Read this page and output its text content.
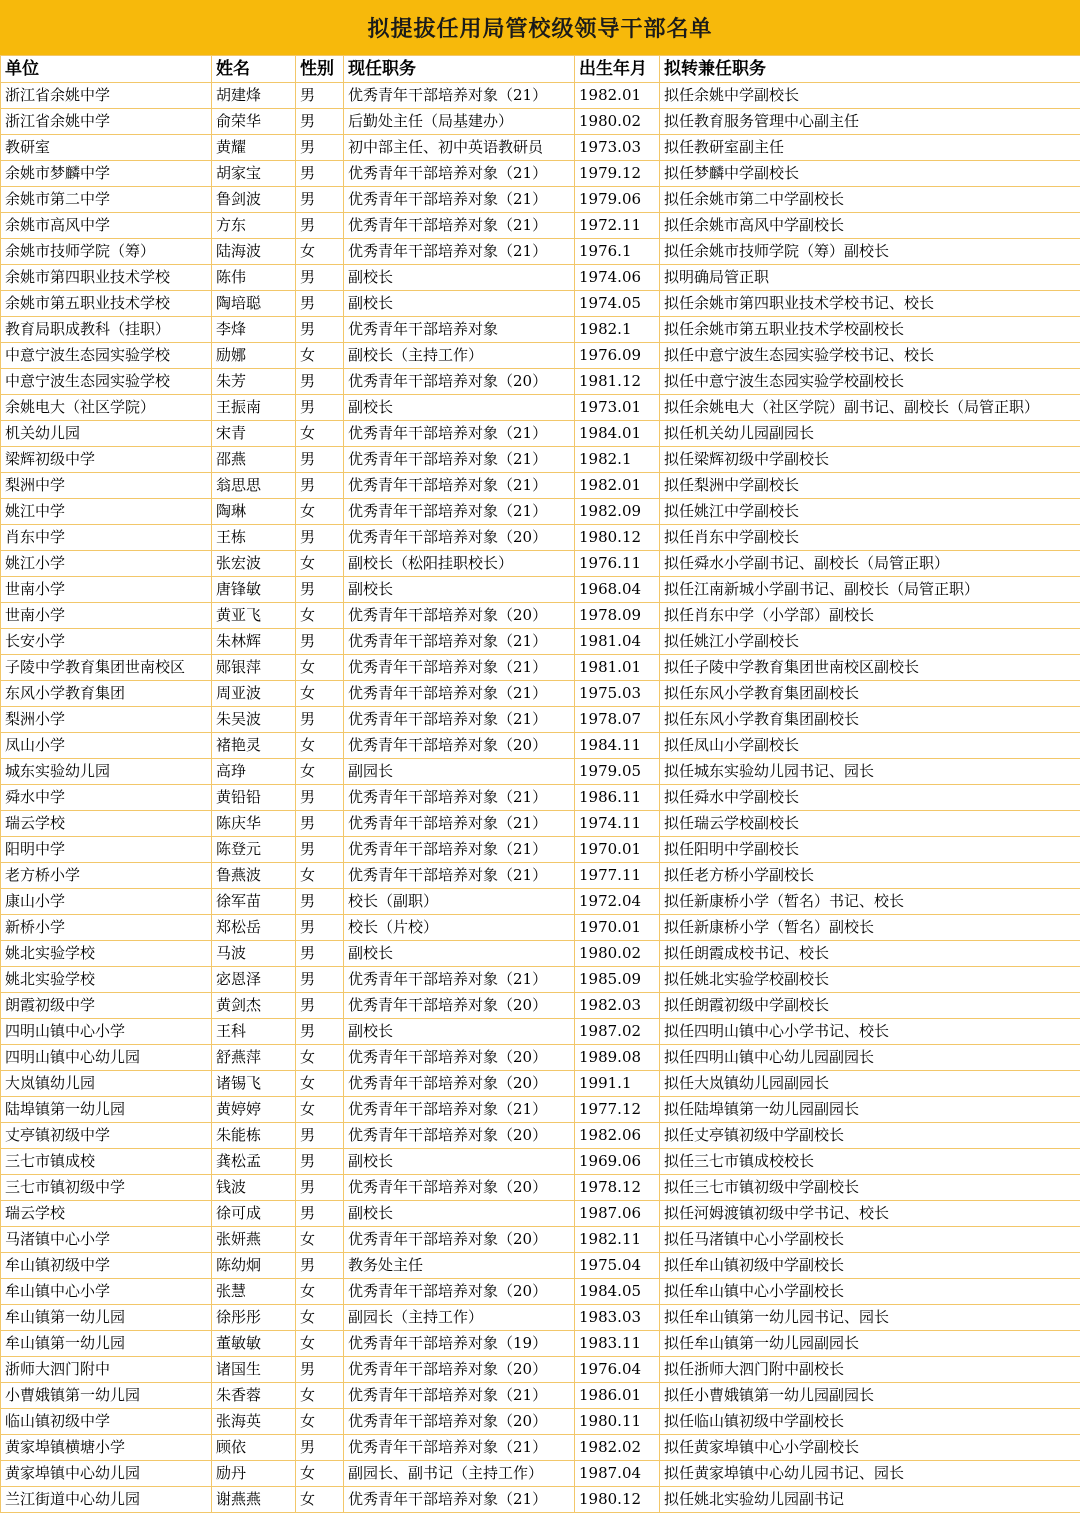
拟提拔任用局管校级领导干部名单
单位	姓名	性别	现任职务	出生年月	拟转兼任职务
浙江省余姚中学	胡建烽	男	优秀青年干部培养对象（21）	1982.01	拟任余姚中学副校长
浙江省余姚中学	俞荣华	男	后勤处主任（局基建办）	1980.02	拟任教育服务管理中心副主任
教研室	黄耀	男	初中部主任、初中英语教研员	1973.03	拟任教研室副主任
余姚市梦麟中学	胡家宝	男	优秀青年干部培养对象（21）	1979.12	拟任梦麟中学副校长
余姚市第二中学	鲁剑波	男	优秀青年干部培养对象（21）	1979.06	拟任余姚市第二中学副校长
余姚市高风中学	方东	男	优秀青年干部培养对象（21）	1972.11	拟任余姚市高风中学副校长
余姚市技师学院（筹）	陆海波	女	优秀青年干部培养对象（21）	1976.1	拟任余姚市技师学院（筹）副校长
余姚市第四职业技术学校	陈伟	男	副校长	1974.06	拟明确局管正职
余姚市第五职业技术学校	陶培聪	男	副校长	1974.05	拟任余姚市第四职业技术学校书记、校长
教育局职成教科（挂职）	李烽	男	优秀青年干部培养对象	1982.1	拟任余姚市第五职业技术学校副校长
中意宁波生态园实验学校	励娜	女	副校长（主持工作）	1976.09	拟任中意宁波生态园实验学校书记、校长
中意宁波生态园实验学校	朱芳	男	优秀青年干部培养对象（20）	1981.12	拟任中意宁波生态园实验学校副校长
余姚电大（社区学院）	王振南	男	副校长	1973.01	拟任余姚电大（社区学院）副书记、副校长（局管正职）
机关幼儿园	宋青	女	优秀青年干部培养对象（21）	1984.01	拟任机关幼儿园副园长
梁辉初级中学	邵燕	男	优秀青年干部培养对象（21）	1982.1	拟任梁辉初级中学副校长
梨洲中学	翁思思	男	优秀青年干部培养对象（21）	1982.01	拟任梨洲中学副校长
姚江中学	陶琳	女	优秀青年干部培养对象（21）	1982.09	拟任姚江中学副校长
肖东中学	王栋	男	优秀青年干部培养对象（20）	1980.12	拟任肖东中学副校长
姚江小学	张宏波	女	副校长（松阳挂职校长）	1976.11	拟任舜水小学副书记、副校长（局管正职）
世南小学	唐锋敏	男	副校长	1968.04	拟任江南新城小学副书记、副校长（局管正职）
世南小学	黄亚飞	女	优秀青年干部培养对象（20）	1978.09	拟任肖东中学（小学部）副校长
长安小学	朱林辉	男	优秀青年干部培养对象（21）	1981.04	拟任姚江小学副校长
子陵中学教育集团世南校区	郧银萍	女	优秀青年干部培养对象（21）	1981.01	拟任子陵中学教育集团世南校区副校长
东风小学教育集团	周亚波	女	优秀青年干部培养对象（21）	1975.03	拟任东风小学教育集团副校长
梨洲小学	朱吴波	男	优秀青年干部培养对象（21）	1978.07	拟任东风小学教育集团副校长
凤山小学	褚艳灵	女	优秀青年干部培养对象（20）	1984.11	拟任凤山小学副校长
城东实验幼儿园	高琤	女	副园长	1979.05	拟任城东实验幼儿园书记、园长
舜水中学	黄铅铅	男	优秀青年干部培养对象（21）	1986.11	拟任舜水中学副校长
瑞云学校	陈庆华	男	优秀青年干部培养对象（21）	1974.11	拟任瑞云学校副校长
阳明中学	陈登元	男	优秀青年干部培养对象（21）	1970.01	拟任阳明中学副校长
老方桥小学	鲁燕波	女	优秀青年干部培养对象（21）	1977.11	拟任老方桥小学副校长
康山小学	徐军苗	男	校长（副职）	1972.04	拟任新康桥小学（暂名）书记、校长
新桥小学	郑松岳	男	校长（片校）	1970.01	拟任新康桥小学（暂名）副校长
姚北实验学校	马波	男	副校长	1980.02	拟任朗霞成校书记、校长
姚北实验学校	宓恩泽	男	优秀青年干部培养对象（21）	1985.09	拟任姚北实验学校副校长
朗霞初级中学	黄剑杰	男	优秀青年干部培养对象（20）	1982.03	拟任朗霞初级中学副校长
四明山镇中心小学	王科	男	副校长	1987.02	拟任四明山镇中心小学书记、校长
四明山镇中心幼儿园	舒燕萍	女	优秀青年干部培养对象（20）	1989.08	拟任四明山镇中心幼儿园副园长
大岚镇幼儿园	诸锡飞	女	优秀青年干部培养对象（20）	1991.1	拟任大岚镇幼儿园副园长
陆埠镇第一幼儿园	黄婷婷	女	优秀青年干部培养对象（21）	1977.12	拟任陆埠镇第一幼儿园副园长
丈亭镇初级中学	朱能栋	男	优秀青年干部培养对象（20）	1982.06	拟任丈亭镇初级中学副校长
三七市镇成校	龚松孟	男	副校长	1969.06	拟任三七市镇成校校长
三七市镇初级中学	钱波	男	优秀青年干部培养对象（20）	1978.12	拟任三七市镇初级中学副校长
瑞云学校	徐可成	男	副校长	1987.06	拟任河姆渡镇初级中学书记、校长
马渚镇中心小学	张妍燕	女	优秀青年干部培养对象（20）	1982.11	拟任马渚镇中心小学副校长
牟山镇初级中学	陈幼炯	男	教务处主任	1975.04	拟任牟山镇初级中学副校长
牟山镇中心小学	张慧	女	优秀青年干部培养对象（20）	1984.05	拟任牟山镇中心小学副校长
牟山镇第一幼儿园	徐彤彤	女	副园长（主持工作）	1983.03	拟任牟山镇第一幼儿园书记、园长
牟山镇第一幼儿园	董敏敏	女	优秀青年干部培养对象（19）	1983.11	拟任牟山镇第一幼儿园副园长
浙师大泗门附中	诸国生	男	优秀青年干部培养对象（20）	1976.04	拟任浙师大泗门附中副校长
小曹娥镇第一幼儿园	朱香蓉	女	优秀青年干部培养对象（21）	1986.01	拟任小曹娥镇第一幼儿园副园长
临山镇初级中学	张海英	女	优秀青年干部培养对象（20）	1980.11	拟任临山镇初级中学副校长
黄家埠镇横塘小学	顾依	男	优秀青年干部培养对象（21）	1982.02	拟任黄家埠镇中心小学副校长
黄家埠镇中心幼儿园	励丹	女	副园长、副书记（主持工作）	1987.04	拟任黄家埠镇中心幼儿园书记、园长
兰江街道中心幼儿园	谢燕燕	女	优秀青年干部培养对象（21）	1980.12	拟任姚北实验幼儿园副书记
